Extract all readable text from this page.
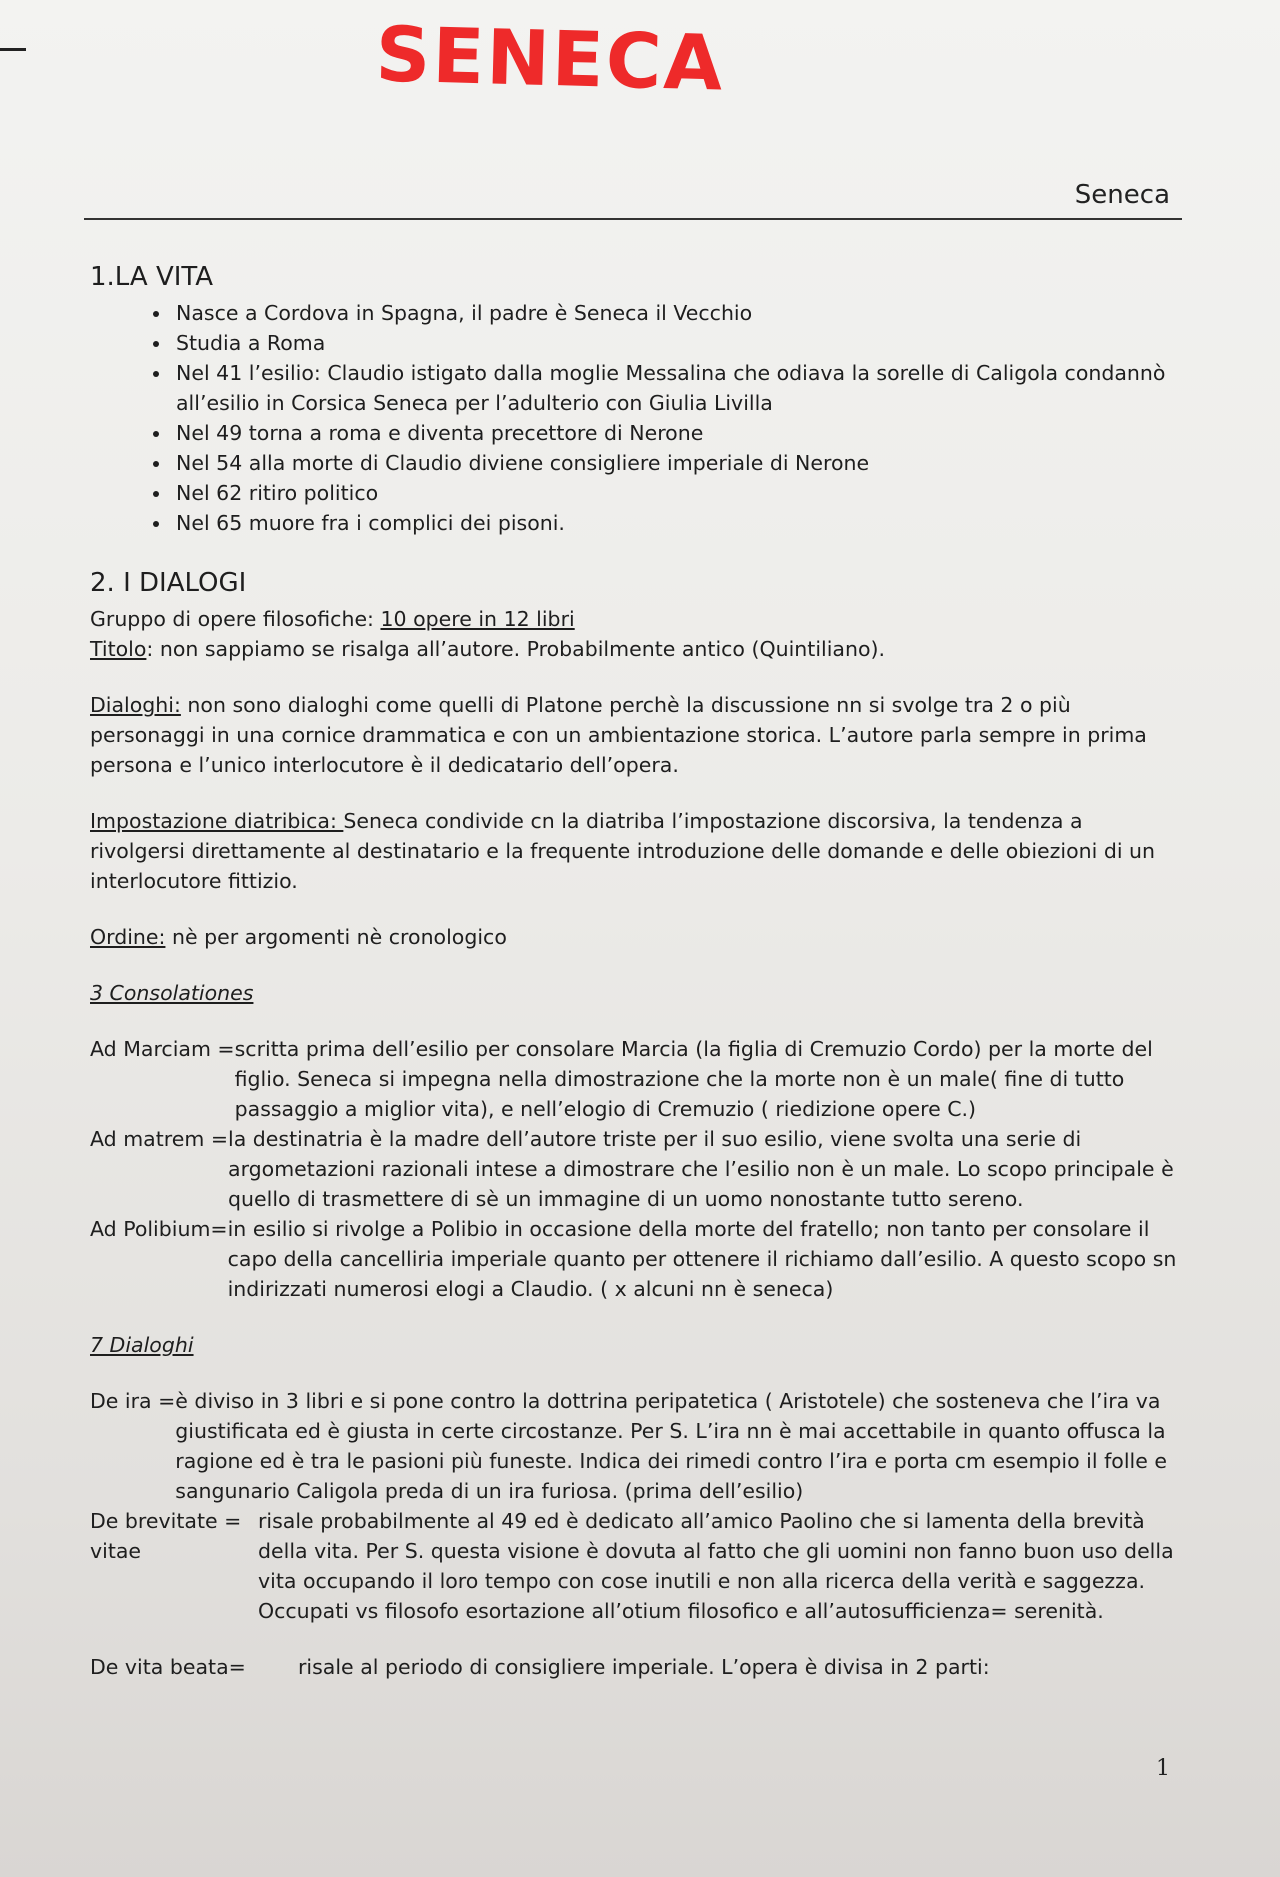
SENECA
Seneca
1.LA VITA
• Nasce a Cordova in Spagna, il padre è Seneca il Vecchio
• Studia a Roma
• Nel 41 l’esilio: Claudio istigato dalla moglie Messalina che odiava la sorelle di Caligola condannò all’esilio in Corsica Seneca per l’adulterio con Giulia Livilla
• Nel 49 torna a roma e diventa precettore di Nerone
• Nel 54 alla morte di Claudio diviene consigliere imperiale di Nerone
• Nel 62 ritiro politico
• Nel 65 muore fra i complici dei pisoni.
2. I DIALOGI

Gruppo di opere filosofiche: 10 opere in 12 libri

Titolo: non sappiamo se risalga all’autore. Probabilmente antico (Quintiliano).

Dialoghi: non sono dialoghi come quelli di Platone perchè la discussione nn si svolge tra 2 o più personaggi in una cornice drammatica e con un ambientazione storica. L’autore parla sempre in prima persona e l’unico interlocutore è il dedicatario dell’opera.

Impostazione diatribica: Seneca condivide cn la diatriba l’impostazione discorsiva, la tendenza a rivolgersi direttamente al destinatario e la frequente introduzione delle domande e delle obiezioni di un interlocutore fittizio.

Ordine: nè per argomenti nè cronologico

3 Consolationes

Ad Marciam = scritta prima dell’esilio per consolare Marcia (la figlia di Cremuzio Cordo) per la morte del figlio. Seneca si impegna nella dimostrazione che la morte non è un male( fine di tutto passaggio a miglior vita), e nell’elogio di Cremuzio ( riedizione opere C.)
Ad matrem = la destinatria è la madre dell’autore triste per il suo esilio, viene svolta una serie di argometazioni razionali intese a dimostrare che l’esilio non è un male. Lo scopo principale è quello di trasmettere di sè un immagine di un uomo nonostante tutto sereno.
Ad Polibium= in esilio si rivolge a Polibio in occasione della morte del fratello; non tanto per consolare il capo della cancelliria imperiale quanto per ottenere il richiamo dall’esilio. A questo scopo sn indirizzati numerosi elogi a Claudio. ( x alcuni nn è seneca)

7 Dialoghi

De ira = è diviso in 3 libri e si pone contro la dottrina peripatetica ( Aristotele) che sosteneva che l’ira va giustificata ed è giusta in certe circostanze. Per S. L’ira nn è mai accettabile in quanto offusca la ragione ed è tra le pasioni più funeste. Indica dei rimedi contro l’ira e porta cm esempio il folle e sangunario Caligola preda di un ira furiosa. (prima dell’esilio)
De brevitate =
vitae
risale probabilmente al 49 ed è dedicato all’amico Paolino che si lamenta della brevità
della vita. Per S. questa visione è dovuta al fatto che gli uomini non fanno buon uso della vita occupando il loro tempo con cose inutili e non alla ricerca della verità e saggezza. Occupati vs filosofo esortazione all’otium filosofico e all’autosufficienza= serenità.
De vita beata=	risale al periodo di consigliere imperiale. L’opera è divisa in 2 parti:
1
